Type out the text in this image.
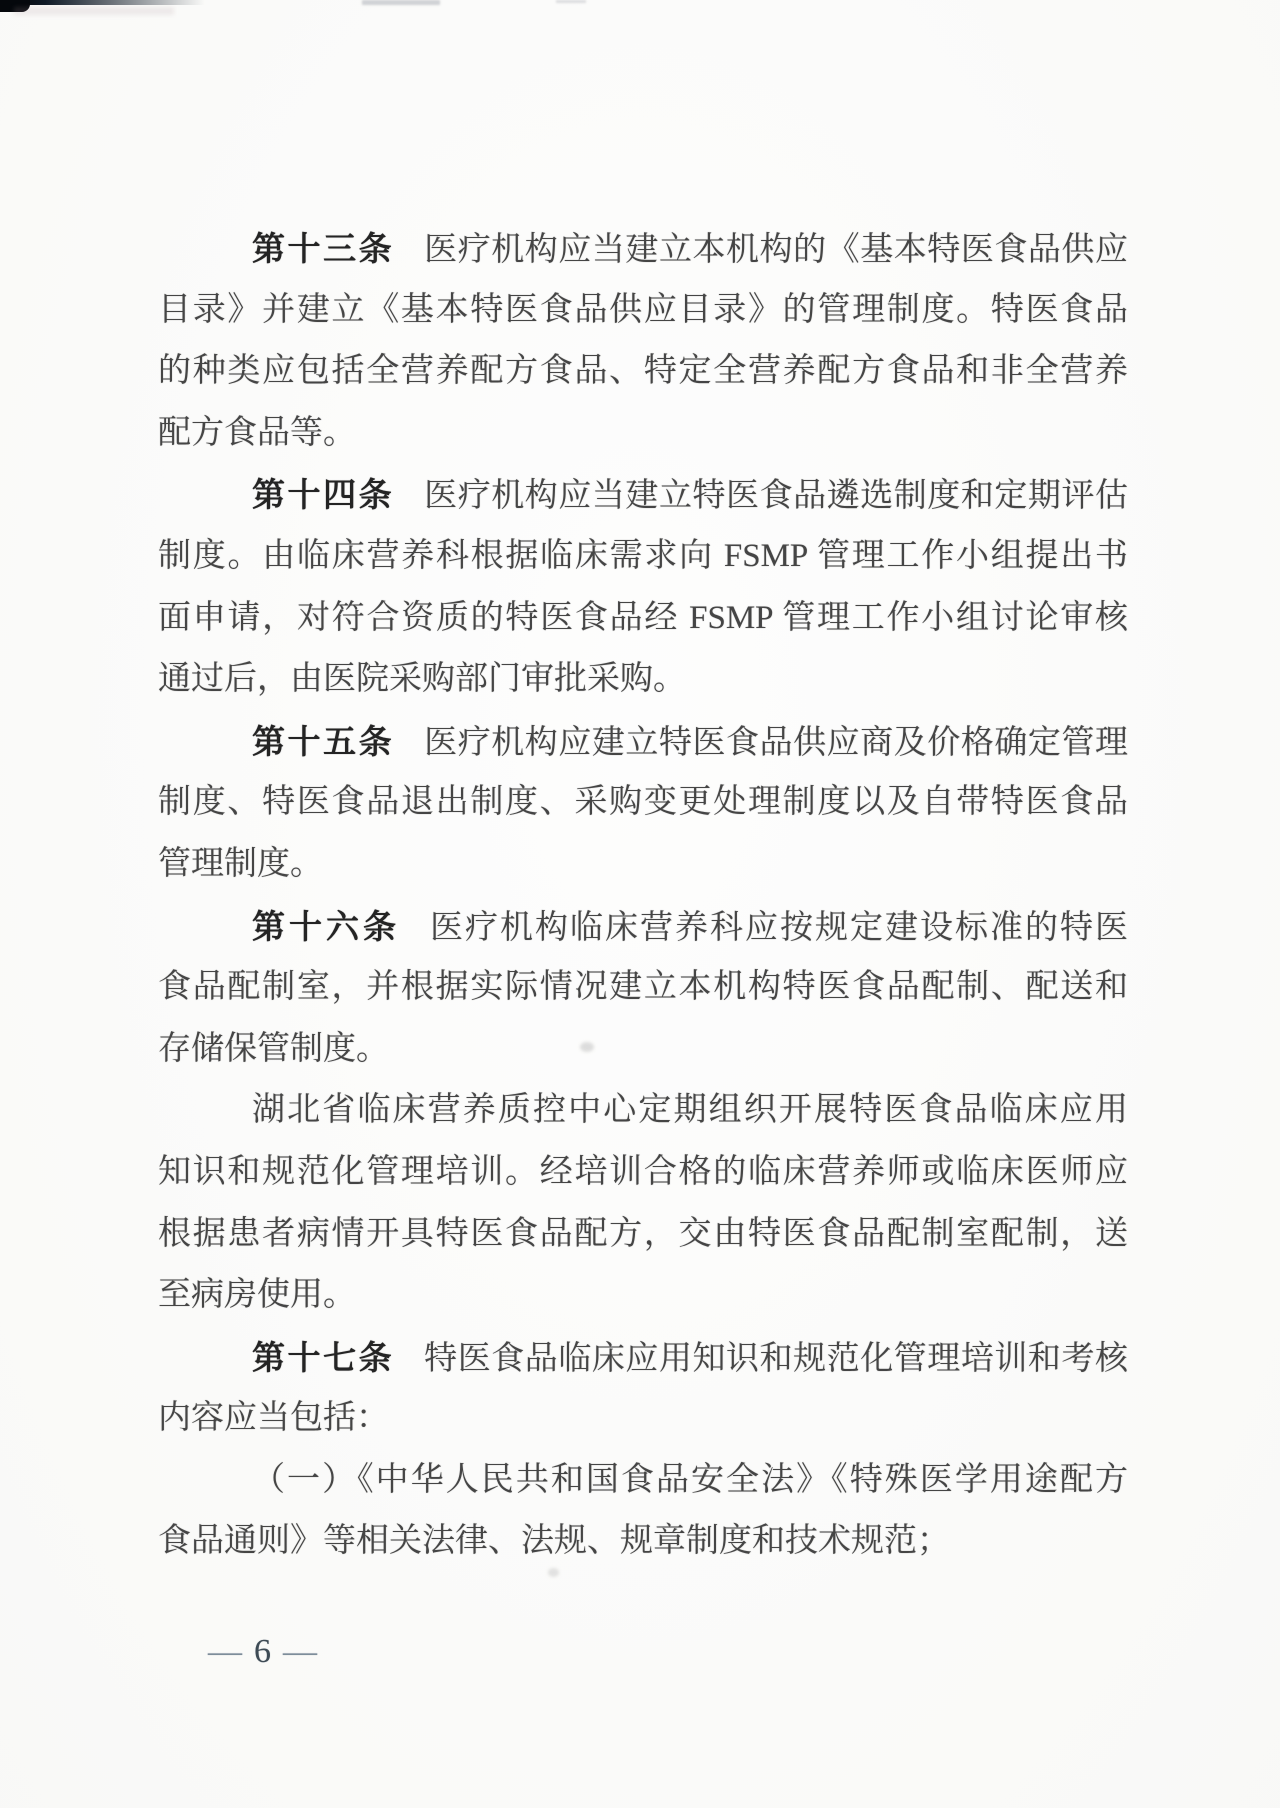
第十三条 医疗机构应当建立本机构的《基本特医食品供应
目录》并建立《基本特医食品供应目录》的管理制度。特医食品
的种类应包括全营养配方食品、特定全营养配方食品和非全营养
配方食品等。
第十四条 医疗机构应当建立特医食品遴选制度和定期评估
制度。由临床营养科根据临床需求向 FSMP 管理工作小组提出书
面申请，对符合资质的特医食品经 FSMP 管理工作小组讨论审核
通过后，由医院采购部门审批采购。
第十五条 医疗机构应建立特医食品供应商及价格确定管理
制度、特医食品退出制度、采购变更处理制度以及自带特医食品
管理制度。
第十六条 医疗机构临床营养科应按规定建设标准的特医
食品配制室，并根据实际情况建立本机构特医食品配制、配送和
存储保管制度。
湖北省临床营养质控中心定期组织开展特医食品临床应用
知识和规范化管理培训。经培训合格的临床营养师或临床医师应
根据患者病情开具特医食品配方，交由特医食品配制室配制，送
至病房使用。
第十七条 特医食品临床应用知识和规范化管理培训和考核
内容应当包括：
（一）《中华人民共和国食品安全法》《特殊医学用途配方
食品通则》等相关法律、法规、规章制度和技术规范；
— 6 —
